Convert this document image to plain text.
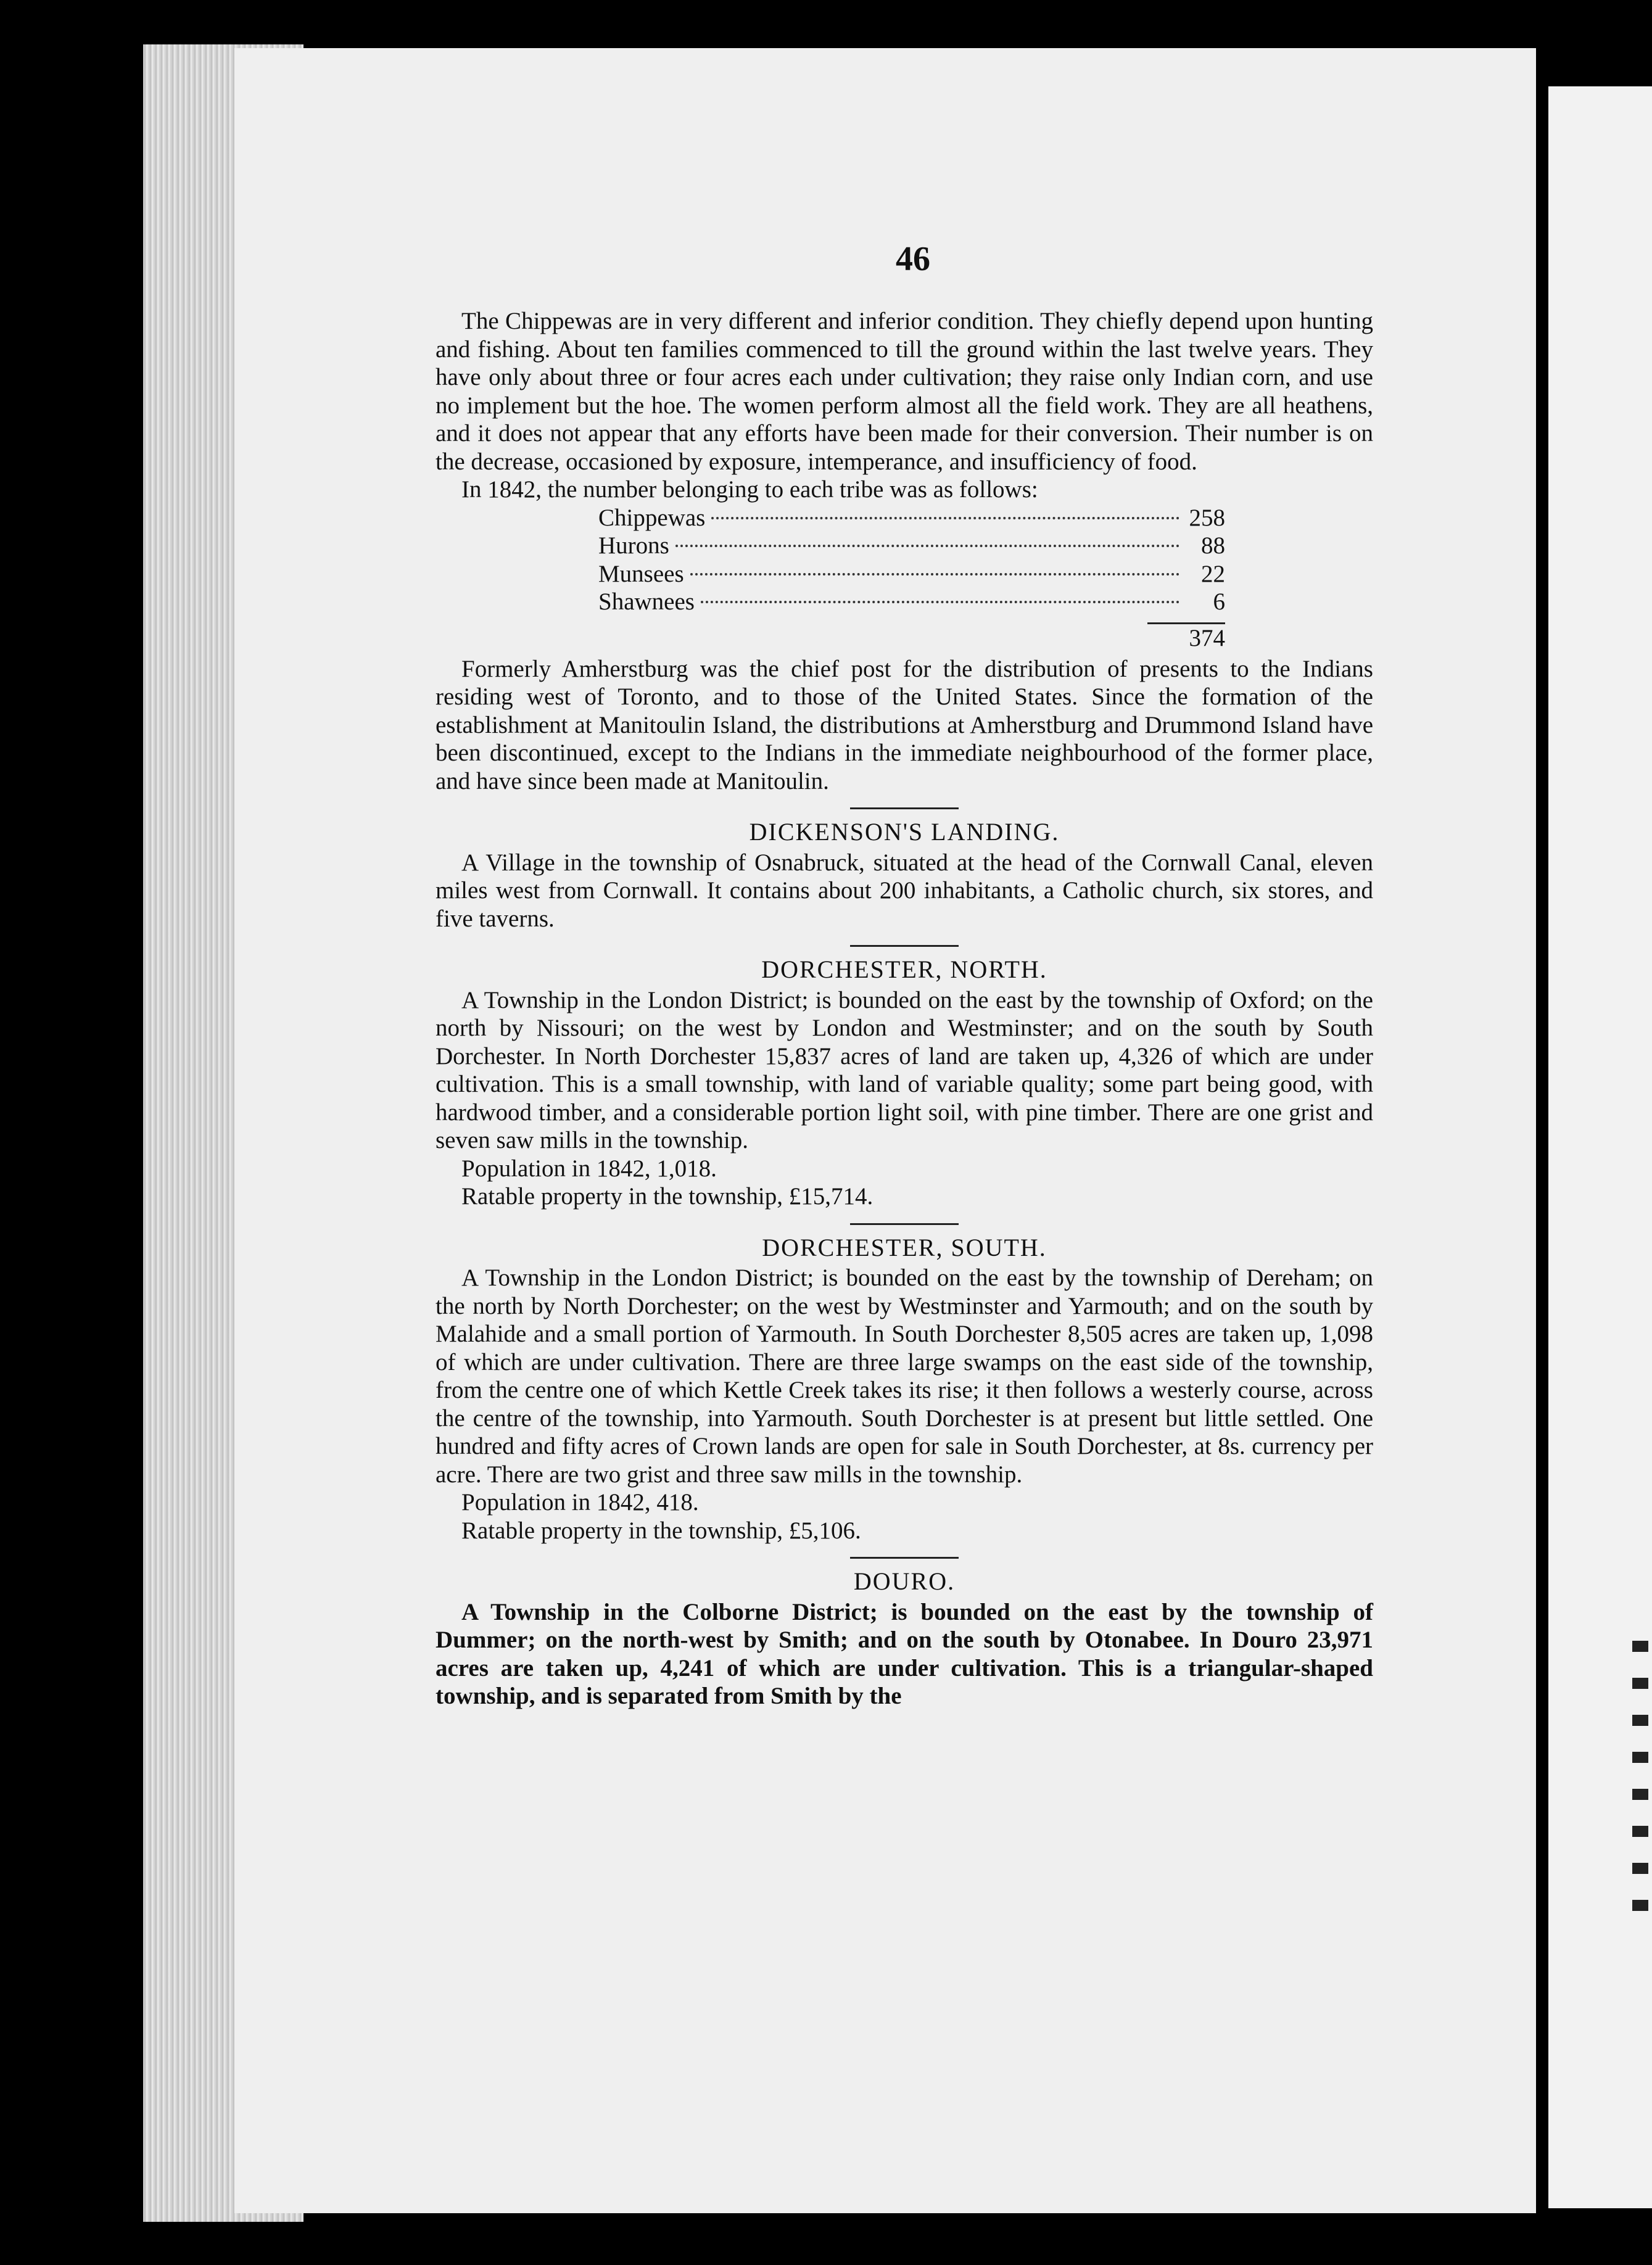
46

The Chippewas are in very different and inferior condition. They chiefly depend upon hunting and fishing. About ten families commenced to till the ground within the last twelve years. They have only about three or four acres each under cultivation; they raise only Indian corn, and use no implement but the hoe. The women perform almost all the field work. They are all heathens, and it does not appear that any efforts have been made for their conversion. Their number is on the decrease, occasioned by exposure, intemperance, and insufficiency of food.

In 1842, the number belonging to each tribe was as follows:

Chippewas	258
Hurons	88
Munsees	22
Shawnees	6
374

Formerly Amherstburg was the chief post for the distribution of presents to the Indians residing west of Toronto, and to those of the United States. Since the formation of the establishment at Manitoulin Island, the distributions at Amherstburg and Drummond Island have been discontinued, except to the Indians in the immediate neighbourhood of the former place, and have since been made at Manitoulin.

DICKENSON'S LANDING.

A Village in the township of Osnabruck, situated at the head of the Cornwall Canal, eleven miles west from Cornwall. It contains about 200 inhabitants, a Catholic church, six stores, and five taverns.

DORCHESTER, NORTH.

A Township in the London District; is bounded on the east by the township of Oxford; on the north by Nissouri; on the west by London and Westminster; and on the south by South Dorchester. In North Dorchester 15,837 acres of land are taken up, 4,326 of which are under cultivation. This is a small township, with land of variable quality; some part being good, with hardwood timber, and a considerable portion light soil, with pine timber. There are one grist and seven saw mills in the township.

Population in 1842, 1,018.

Ratable property in the township, £15,714.

DORCHESTER, SOUTH.

A Township in the London District; is bounded on the east by the township of Dereham; on the north by North Dorchester; on the west by Westminster and Yarmouth; and on the south by Malahide and a small portion of Yarmouth. In South Dorchester 8,505 acres are taken up, 1,098 of which are under cultivation. There are three large swamps on the east side of the township, from the centre one of which Kettle Creek takes its rise; it then follows a westerly course, across the centre of the township, into Yarmouth. South Dorchester is at present but little settled. One hundred and fifty acres of Crown lands are open for sale in South Dorchester, at 8s. currency per acre. There are two grist and three saw mills in the township.

Population in 1842, 418.

Ratable property in the township, £5,106.

DOURO.

A Township in the Colborne District; is bounded on the east by the township of Dummer; on the north-west by Smith; and on the south by Otonabee. In Douro 23,971 acres are taken up, 4,241 of which are under cultivation. This is a triangular-shaped township, and is separated from Smith by the
